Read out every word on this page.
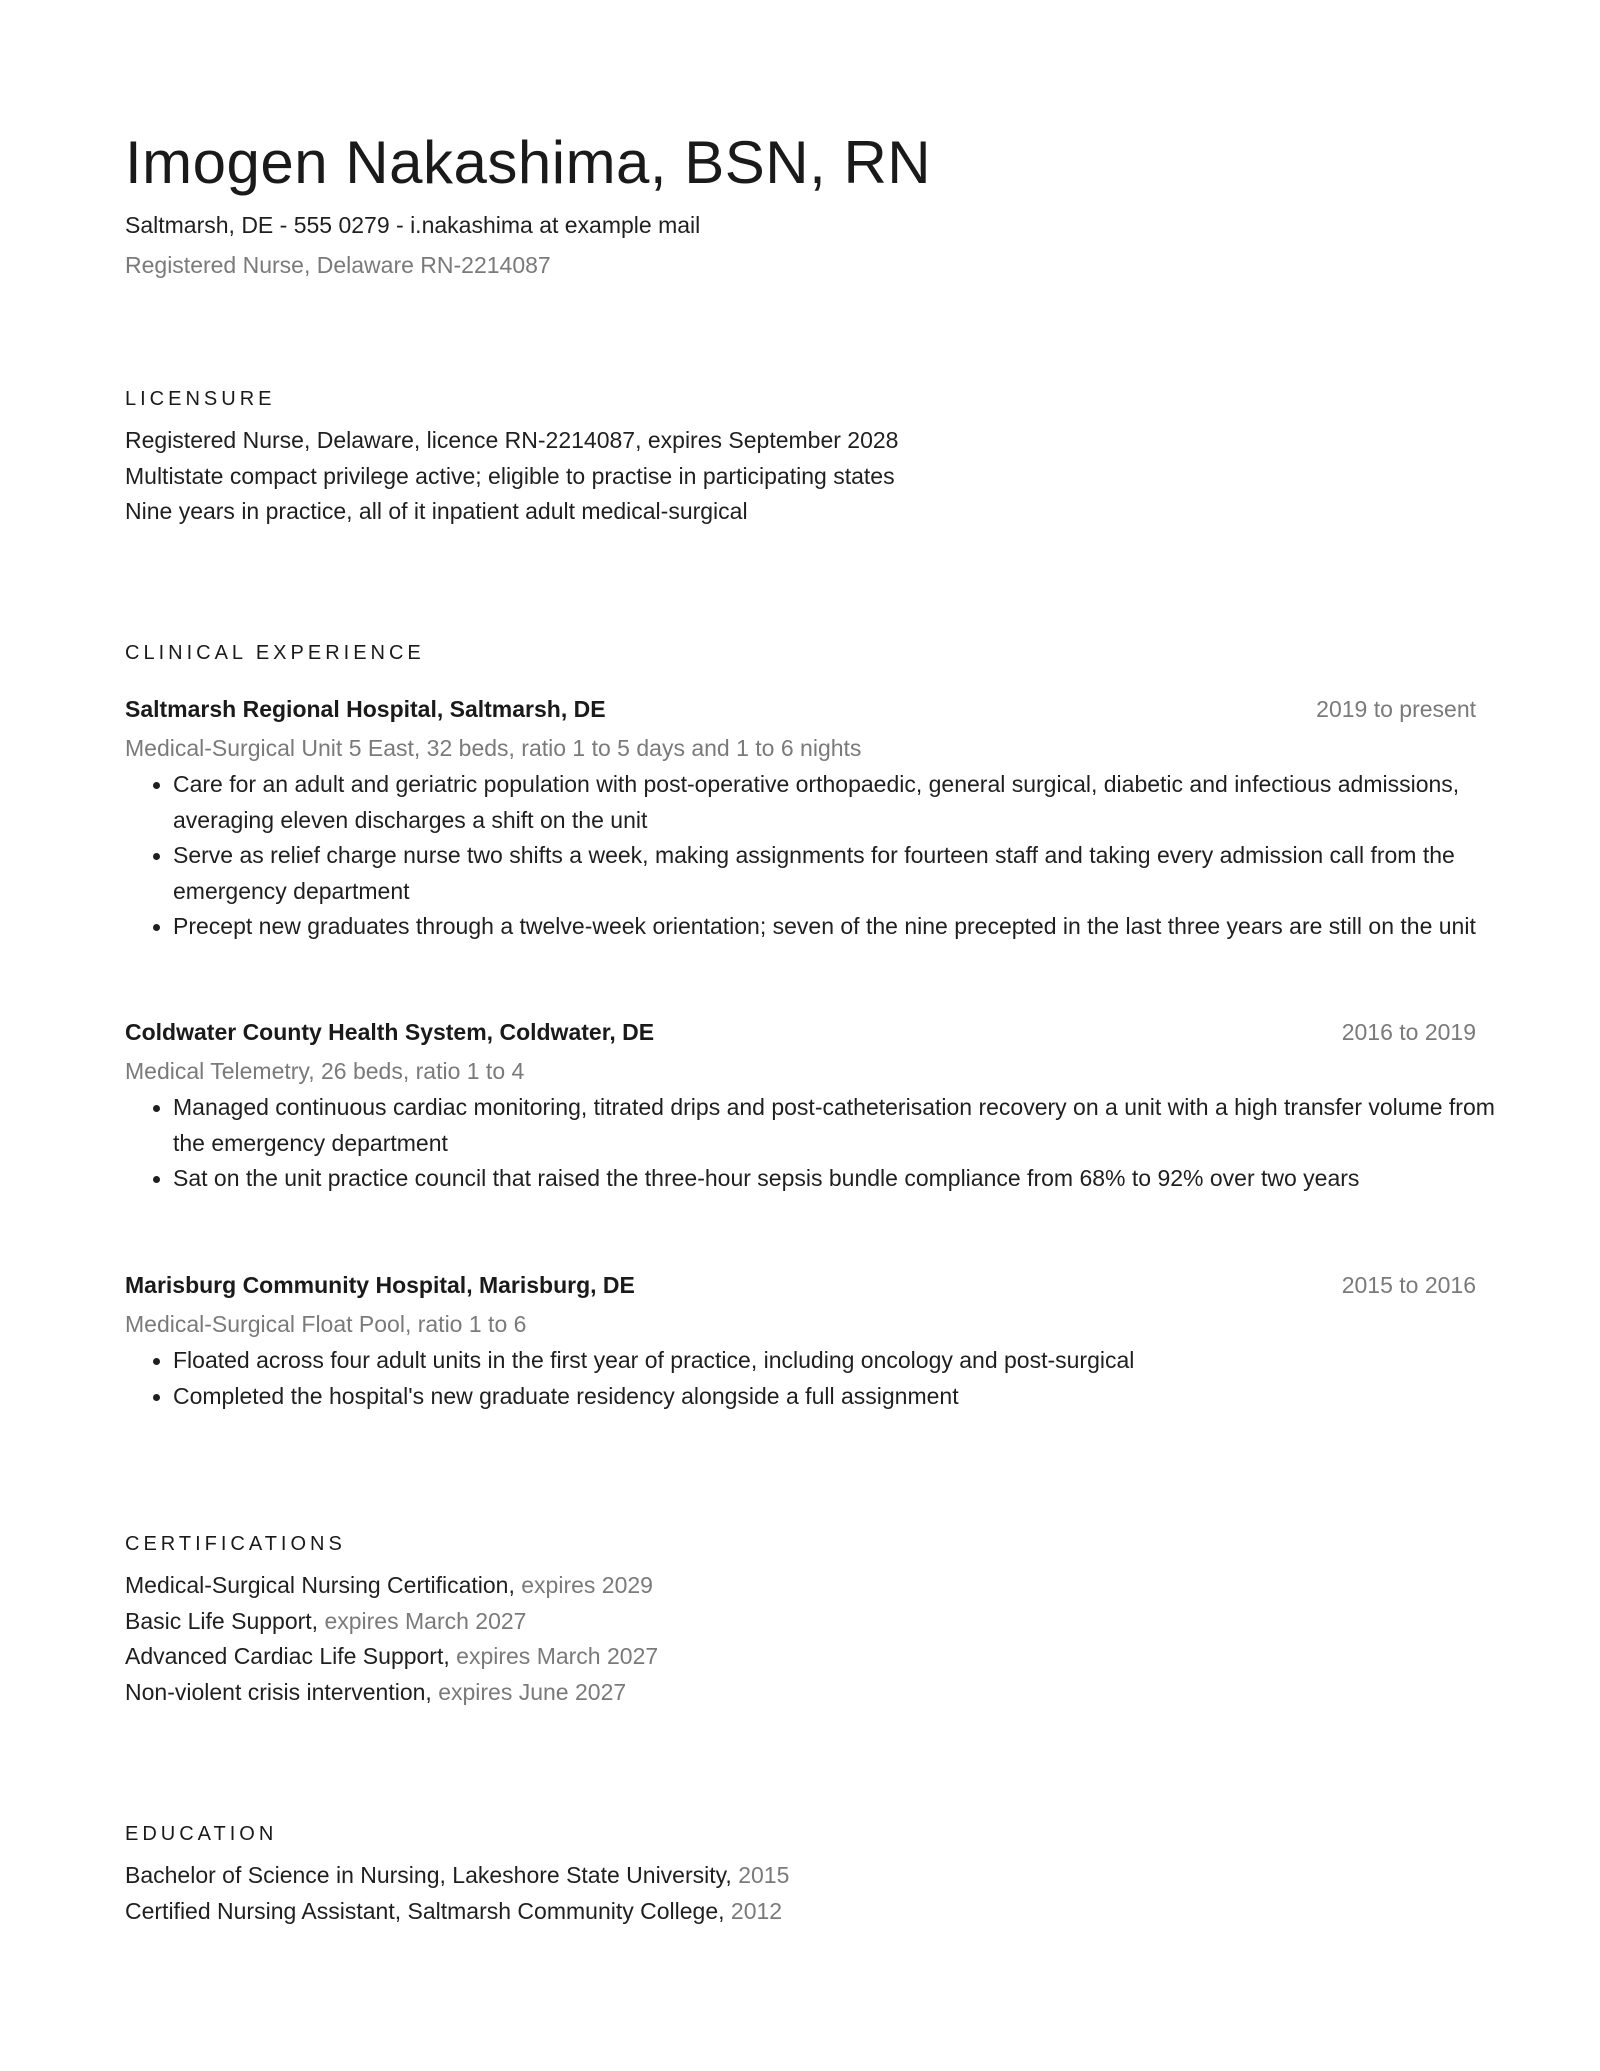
Imogen Nakashima, BSN, RN
Saltmarsh, DE - 555 0279 - i.nakashima at example mail
Registered Nurse, Delaware RN-2214087
LICENSURE
Registered Nurse, Delaware, licence RN-2214087, expires September 2028
Multistate compact privilege active; eligible to practise in participating states
Nine years in practice, all of it inpatient adult medical-surgical
CLINICAL EXPERIENCE
Saltmarsh Regional Hospital, Saltmarsh, DE	2019 to present
Medical-Surgical Unit 5 East, 32 beds, ratio 1 to 5 days and 1 to 6 nights
Care for an adult and geriatric population with post-operative orthopaedic, general surgical, diabetic and infectious admissions, averaging eleven discharges a shift on the unit
Serve as relief charge nurse two shifts a week, making assignments for fourteen staff and taking every admission call from the emergency department
Precept new graduates through a twelve-week orientation; seven of the nine precepted in the last three years are still on the unit
Coldwater County Health System, Coldwater, DE	2016 to 2019
Medical Telemetry, 26 beds, ratio 1 to 4
Managed continuous cardiac monitoring, titrated drips and post-catheterisation recovery on a unit with a high transfer volume from the emergency department
Sat on the unit practice council that raised the three-hour sepsis bundle compliance from 68% to 92% over two years
Marisburg Community Hospital, Marisburg, DE	2015 to 2016
Medical-Surgical Float Pool, ratio 1 to 6
Floated across four adult units in the first year of practice, including oncology and post-surgical
Completed the hospital's new graduate residency alongside a full assignment
CERTIFICATIONS
Medical-Surgical Nursing Certification, expires 2029
Basic Life Support, expires March 2027
Advanced Cardiac Life Support, expires March 2027
Non-violent crisis intervention, expires June 2027
EDUCATION
Bachelor of Science in Nursing, Lakeshore State University, 2015
Certified Nursing Assistant, Saltmarsh Community College, 2012
